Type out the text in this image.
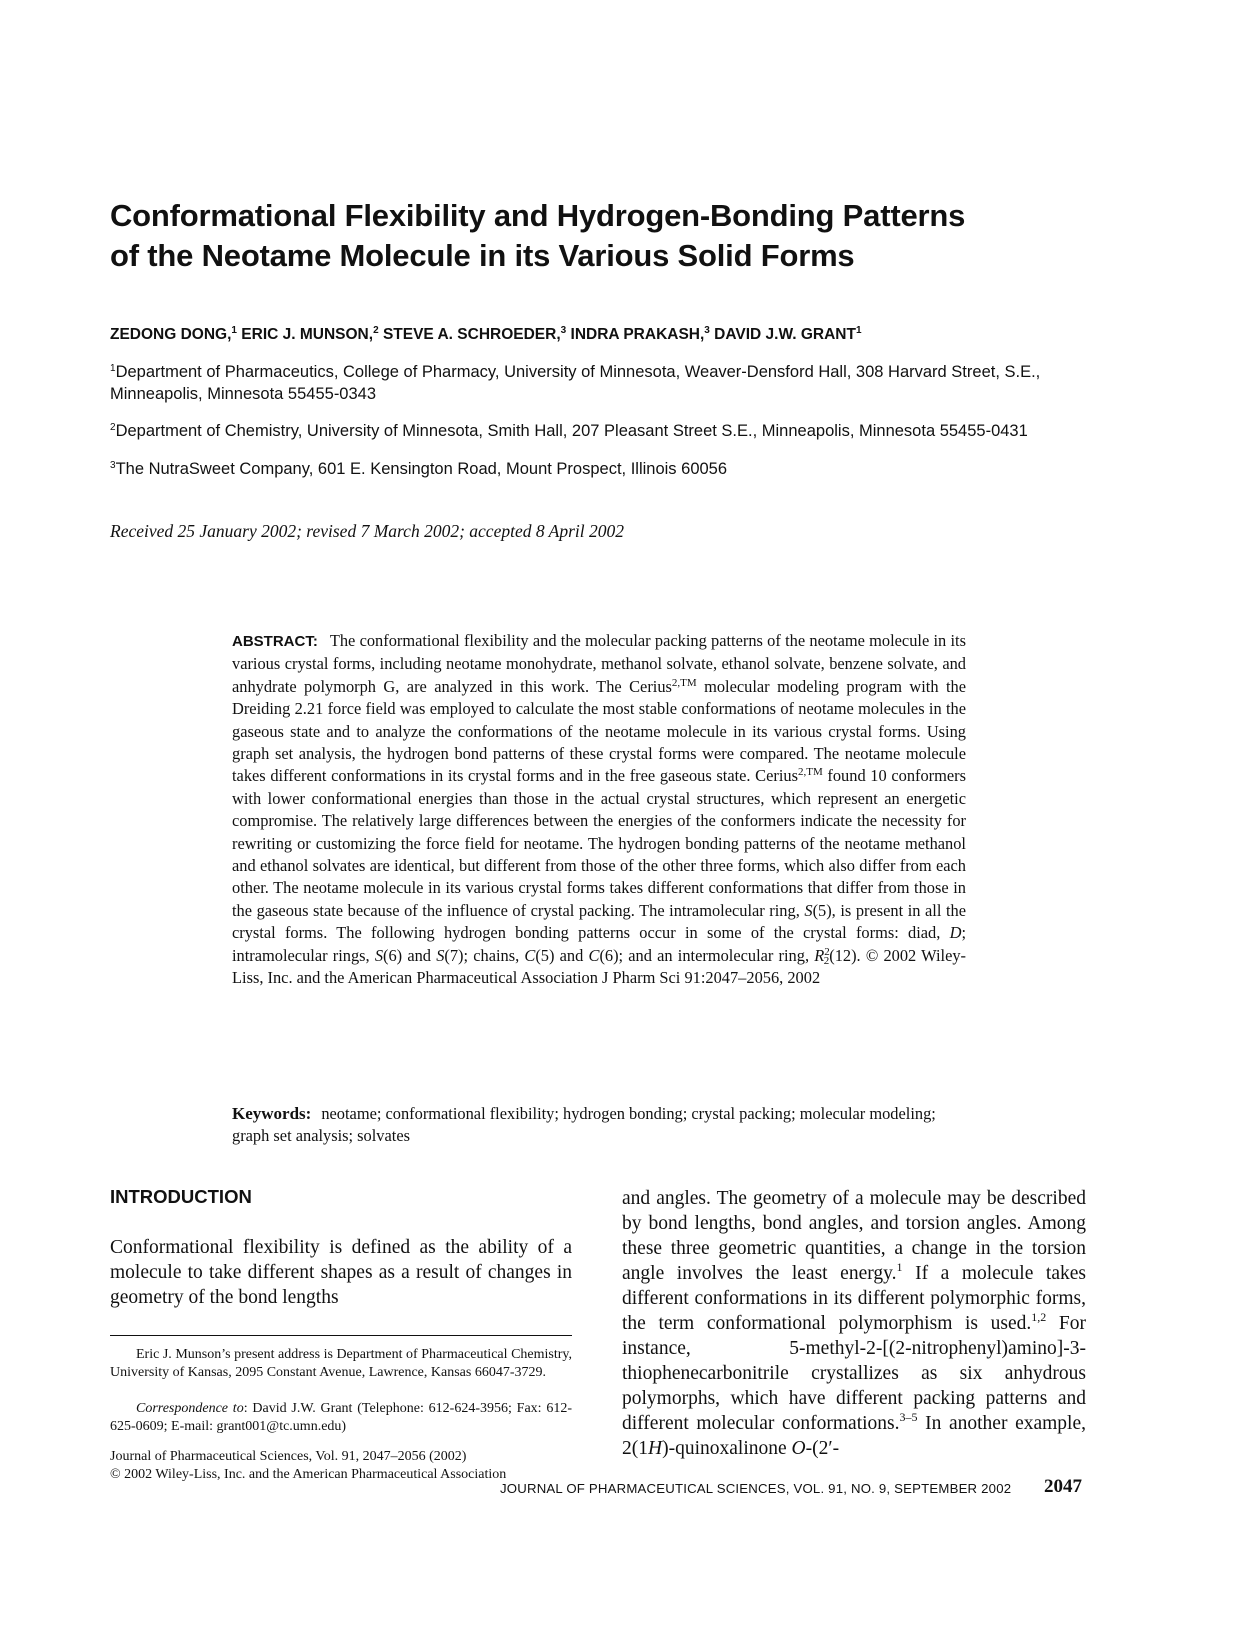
Conformational Flexibility and Hydrogen-Bonding Patterns
of the Neotame Molecule in its Various Solid Forms
ZEDONG DONG,$^1$ ERIC J. MUNSON,$^2$ STEVE A. SCHROEDER,$^3$ INDRA PRAKASH,$^3$ DAVID J.W. GRANT$^1$
$^1$Department of Pharmaceutics, College of Pharmacy, University of Minnesota, Weaver-Densford Hall, 308 Harvard Street, S.E., Minneapolis, Minnesota 55455-0343
$^2$Department of Chemistry, University of Minnesota, Smith Hall, 207 Pleasant Street S.E., Minneapolis, Minnesota 55455-0431
$^3$The NutraSweet Company, 601 E. Kensington Road, Mount Prospect, Illinois 60056
Received 25 January 2002; revised 7 March 2002; accepted 8 April 2002

ABSTRACT: The conformational flexibility and the molecular packing patterns of the neotame molecule in its various crystal forms, including neotame monohydrate, methanol solvate, ethanol solvate, benzene solvate, and anhydrate polymorph G, are analyzed in this work. The Cerius$^{2,TM}$ molecular modeling program with the Dreiding 2.21 force field was employed to calculate the most stable conformations of neotame molecules in the gaseous state and to analyze the conformations of the neotame molecule in its various crystal forms. Using graph set analysis, the hydrogen bond patterns of these crystal forms were compared. The neotame molecule takes different conformations in its crystal forms and in the free gaseous state. Cerius$^{2,TM}$ found 10 conformers with lower conformational energies than those in the actual crystal structures, which represent an energetic compromise. The relatively large differences between the energies of the conformers indicate the necessity for rewriting or customizing the force field for neotame. The hydrogen bonding patterns of the neotame methanol and ethanol solvates are identical, but different from those of the other three forms, which also differ from each other. The neotame molecule in its various crystal forms takes different conformations that differ from those in the gaseous state because of the influence of crystal packing. The intramolecular ring, S(5), is present in all the crystal forms. The following hydrogen bonding patterns occur in some of the crystal forms: diad, D; intramolecular rings, S(6) and S(7); chains, C(5) and C(6); and an intermolecular ring, $R^2_2(12)$. © 2002 Wiley-Liss, Inc. and the American Pharmaceutical Association J Pharm Sci 91:2047–2056, 2002

Keywords: neotame; conformational flexibility; hydrogen bonding; crystal packing; molecular modeling; graph set analysis; solvates

INTRODUCTION

Conformational flexibility is defined as the ability of a molecule to take different shapes as a result of changes in geometry of the bond lengths

Eric J. Munson’s present address is Department of Pharmaceutical Chemistry, University of Kansas, 2095 Constant Avenue, Lawrence, Kansas 66047-3729.

Correspondence to: David J.W. Grant (Telephone: 612-624-3956; Fax: 612-625-0609; E-mail: grant001@tc.umn.edu)

Journal of Pharmaceutical Sciences, Vol. 91, 2047–2056 (2002)

© 2002 Wiley-Liss, Inc. and the American Pharmaceutical Association

and angles. The geometry of a molecule may be described by bond lengths, bond angles, and torsion angles. Among these three geometric quantities, a change in the torsion angle involves the least energy.$^1$ If a molecule takes different conformations in its different polymorphic forms, the term conformational polymorphism is used.$^{1,2}$ For instance, 5-methyl-2-[(2-nitrophenyl)amino]-3-thiophenecarbonitrile crystallizes as six anhydrous polymorphs, which have different packing patterns and different molecular conformations.$^{3-5}$ In another example, 2(1H)-quinoxalinone O-(2′-

JOURNAL OF PHARMACEUTICAL SCIENCES, VOL. 91, NO. 9, SEPTEMBER 2002 2047
